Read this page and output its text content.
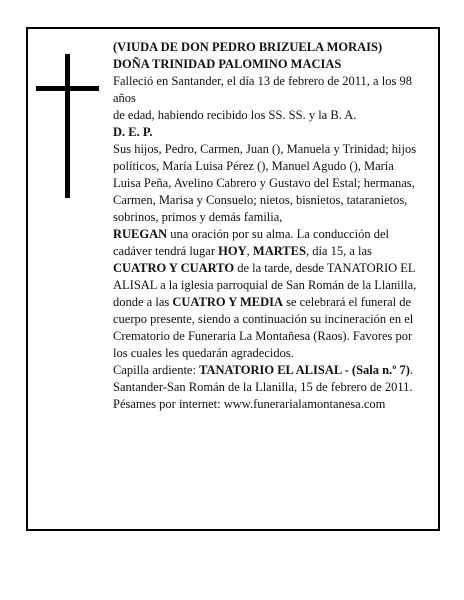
(VIUDA DE DON PEDRO BRIZUELA MORAIS)

DOÑA TRINIDAD PALOMINO MACIAS

Falleció en Santander, el día 13 de febrero de 2011, a los 98 años

de edad, habiendo recibido los SS. SS. y la B. A.

D. E. P.

Sus hijos, Pedro, Carmen, Juan (), Manuela y Trinidad; hijos políticos, María Luisa Pérez (), Manuel Agudo (), María Luisa Peña, Avelino Cabrero y Gustavo del Estal; hermanas, Carmen, Marisa y Consuelo; nietos, bisnietos, tataranietos, sobrinos, primos y demás familia,

RUEGAN una oración por su alma. La conducción del cadáver tendrá lugar HOY, MARTES, día 15, a las CUATRO Y CUARTO de la tarde, desde TANATORIO EL ALISAL a la iglesia parroquial de San Román de la Llanilla, donde a las CUATRO Y MEDIA se celebrará el funeral de cuerpo presente, siendo a continuación su incineración en el Crematorio de Funeraria La Montañesa (Raos). Favores por los cuales les quedarán agradecidos.

Capilla ardiente: TANATORIO EL ALISAL - (Sala n.º 7).

Santander-San Román de la Llanilla, 15 de febrero de 2011.

Pésames por internet: www.funerarialamontanesa.com
